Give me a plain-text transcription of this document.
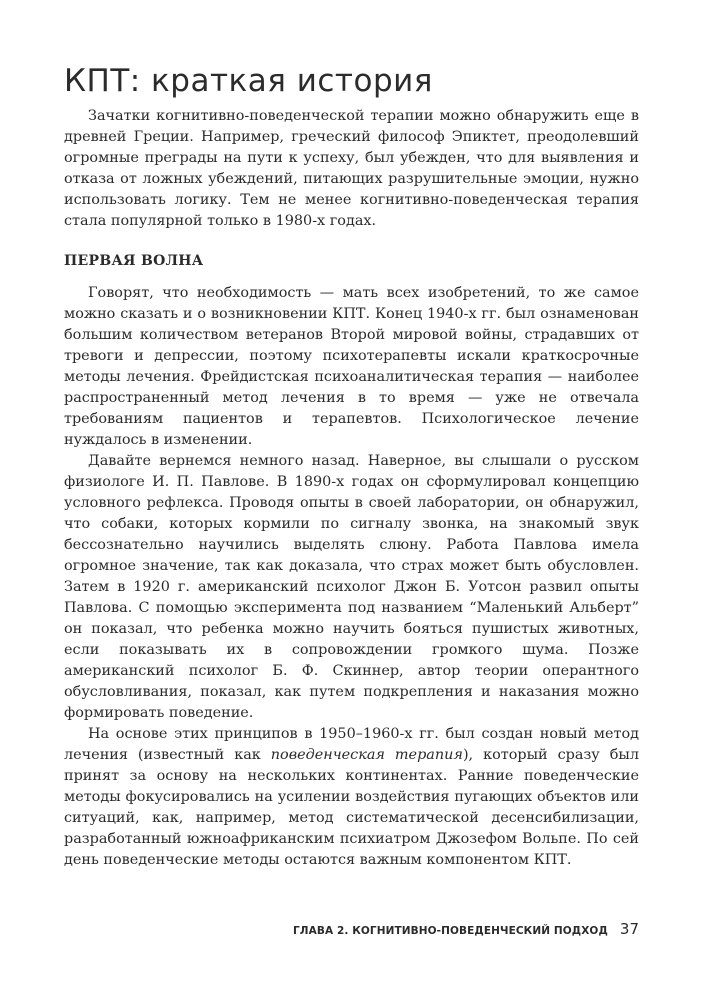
КПТ: краткая история

Зачатки когнитивно-поведенческой терапии можно обнаружить еще в древней Греции. Например, греческий философ Эпиктет, преодолевший огромные преграды на пути к успеху, был убежден, что для выявления и отказа от ложных убеждений, питающих разрушительные эмоции, нужно использовать логику. Тем не менее когнитивно-поведенческая терапия стала популярной только в 1980-х годах.

ПЕРВАЯ ВОЛНА

Говорят, что необходимость — мать всех изобретений, то же самое можно сказать и о возникновении КПТ. Конец 1940-х гг. был ознаменован большим количеством ветеранов Второй мировой войны, страдавших от тревоги и депрессии, поэтому психотерапевты искали краткосрочные методы лечения. Фрейдистская психоаналитическая терапия — наиболее распространенный метод лечения в то время — уже не отвечала требованиям пациентов и терапевтов. Психологическое лечение нуждалось в изменении.

Давайте вернемся немного назад. Наверное, вы слышали о русском физиологе И. П. Павлове. В 1890-х годах он сформулировал концепцию условного рефлекса. Проводя опыты в своей лаборатории, он обнаружил, что собаки, которых кормили по сигналу звонка, на знакомый звук бессознательно научились выделять слюну. Работа Павлова имела огромное значение, так как доказала, что страх может быть обусловлен. Затем в 1920 г. американский психолог Джон Б. Уотсон развил опыты Павлова. С помощью эксперимента под названием “Маленький Альберт” он показал, что ребенка можно научить бояться пушистых животных, если показывать их в сопровождении громкого шума. Позже американский психолог Б. Ф. Скиннер, автор теории оперантного обусловливания, показал, как путем подкрепления и наказания можно формировать поведение.

На основе этих принципов в 1950–1960-х гг. был создан новый метод лечения (известный как поведенческая терапия), который сразу был принят за основу на нескольких континентах. Ранние поведенческие методы фокусировались на усилении воздействия пугающих объектов или ситуаций, как, например, метод систематической десенсибилизации, разработанный южноафриканским психиатром Джозефом Вольпе. По сей день поведенческие методы остаются важным компонентом КПТ.

ГЛАВА 2. КОГНИТИВНО-ПОВЕДЕНЧЕСКИЙ ПОДХОД 37
